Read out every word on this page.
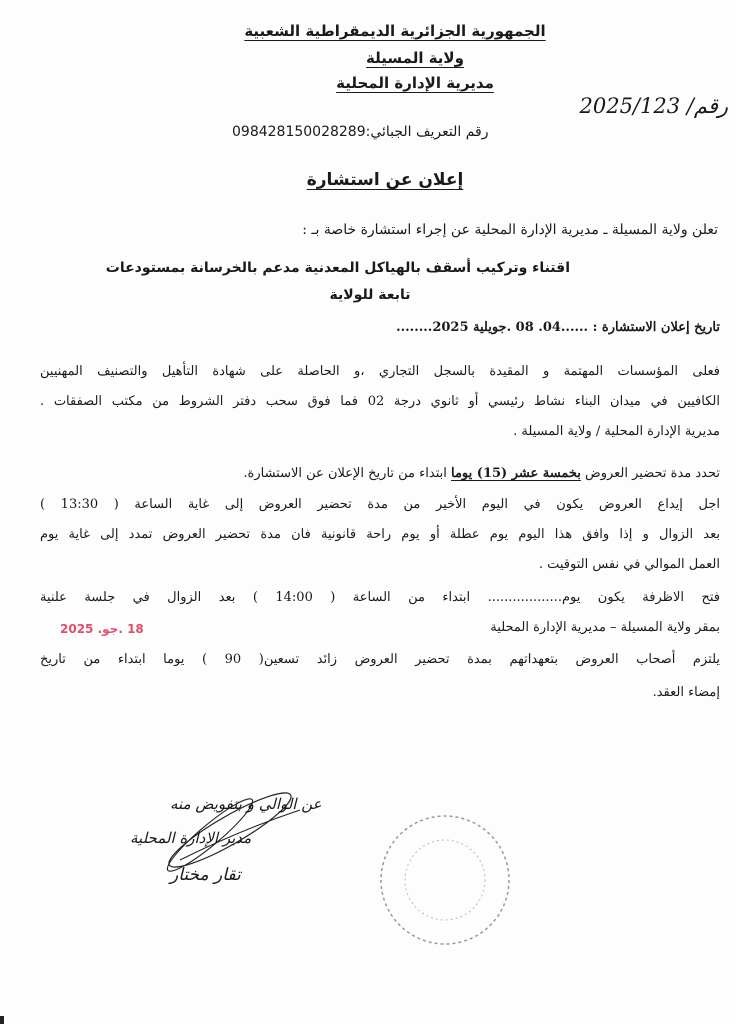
الجمهورية الجزائرية الديمقراطية الشعبية
ولاية المسيلة
مديرية الإدارة المحلية
رقم/ 2025/123
رقم التعريف الجبائي:098428150028289
إعلان عن استشارة
تعلن ولاية المسيلة ـ مديرية الإدارة المحلية عن إجراء استشارة خاصة بـ :
اقتناء وتركيب أسقف بالهياكل المعدنية مدعم بالخرسانة بمستودعات
تابعة للولاية
تاريخ إعلان الاستشارة : ......04. 08 .جويلية 2025........
فعلى المؤسسات المهتمة و المقيدة بالسجل التجاري ،و الحاصلة على شهادة التأهيل والتصنيف المهنيين
الكافيين في ميدان البناء نشاط رئيسي أو ثانوي درجة 02 فما فوق سحب دفتر الشروط من مكتب الصفقات .
مديرية الإدارة المحلية / ولاية المسيلة .
تحدد مدة تحضير العروض بخمسة عشر (15) يوما ابتداء من تاريخ الإعلان عن الاستشارة.
اجل إيداع العروض يكون في اليوم الأخير من مدة تحضير العروض إلى غاية الساعة ( 13:30 )
بعد الزوال و إذا وافق هذا اليوم يوم عطلة أو يوم راحة قانونية فان مدة تحضير العروض تمدد إلى غاية يوم
العمل الموالي في نفس التوقيت .
فتح الاظرفة يكون يوم.................. ابتداء من الساعة ( 14:00 ) بعد الزوال في جلسة علنية
18 .جو. 2025	بمقر ولاية المسيلة – مديرية الإدارة المحلية
يلتزم أصحاب العروض بتعهداتهم بمدة تحضير العروض زائد تسعين( 90 ) يوما ابتداء من تاريخ
إمضاء العقد.
عن الوالي و بتفويض منه
مدير الإدارة المحلية
تقار مختار
